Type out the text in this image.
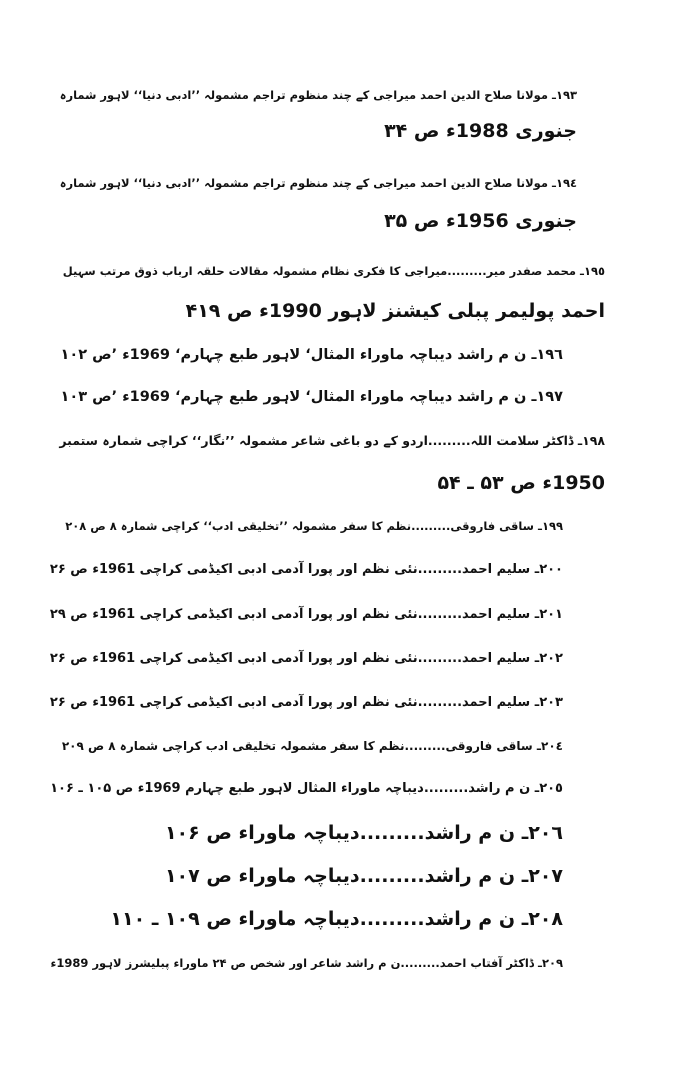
١٩٣ـ مولانا صلاح الدین احمد میراجی کے چند منظوم تراجم مشمولہ ’’ادبی دنیا‘‘ لاہور شمارہ
جنوری 1988ء ص ۳۴
١٩٤ـ مولانا صلاح الدین احمد میراجی کے چند منظوم تراجم مشمولہ ’’ادبی دنیا‘‘ لاہور شمارہ
جنوری 1956ء ص ۳۵
١٩٥ـ محمد صفدر میر.........میراجی کا فکری نظام مشمولہ مقالات حلقہ ارباب ذوق مرتب سہیل
احمد پولیمر پبلی کیشنز لاہور 1990ء ص ۴۱۹
١٩٦ـ ن م راشد دیباچہ ماوراء المثال‘ لاہور طبع چہارم‘ 1969ء ’ص ۱۰۲
١٩٧ـ ن م راشد دیباچہ ماوراء المثال‘ لاہور طبع چہارم‘ 1969ء ’ص ۱۰۳
١٩٨ـ ڈاکٹر سلامت اللہ.........اردو کے دو باغی شاعر مشمولہ ’’نگار‘‘ کراچی شمارہ ستمبر
1950ء ص ۵۳ ـ ۵۴
١٩٩ـ ساقی فاروقی.........نظم کا سفر مشمولہ ’’تخلیقی ادب‘‘ کراچی شمارہ ۸ ص ۲۰۸
٢٠٠ـ سلیم احمد.........نئی نظم اور پورا آدمی ادبی اکیڈمی کراچی 1961ء ص ۲۶
٢٠١ـ سلیم احمد.........نئی نظم اور پورا آدمی ادبی اکیڈمی کراچی 1961ء ص ۲۹
٢٠٢ـ سلیم احمد.........نئی نظم اور پورا آدمی ادبی اکیڈمی کراچی 1961ء ص ۲۶
٢٠٣ـ سلیم احمد.........نئی نظم اور پورا آدمی ادبی اکیڈمی کراچی 1961ء ص ۲۶
٢٠٤ـ ساقی فاروقی.........نظم کا سفر مشمولہ تخلیقی ادب کراچی شمارہ ۸ ص ۲۰۹
٢٠٥ـ ن م راشد.........دیباچہ ماوراء المثال لاہور طبع چہارم 1969ء ص ۱۰۵ ـ ۱۰۶
٢٠٦ـ ن م راشد.........دیباچہ ماوراء ص ۱۰۶
٢٠٧ـ ن م راشد.........دیباچہ ماوراء ص ۱۰۷
٢٠٨ـ ن م راشد.........دیباچہ ماوراء ص ۱۰۹ ـ ۱۱۰
٢٠٩ـ ڈاکٹر آفتاب احمد.........ن م راشد شاعر اور شخص ص ۲۴ ماوراء پبلیشرز لاہور 1989ء
